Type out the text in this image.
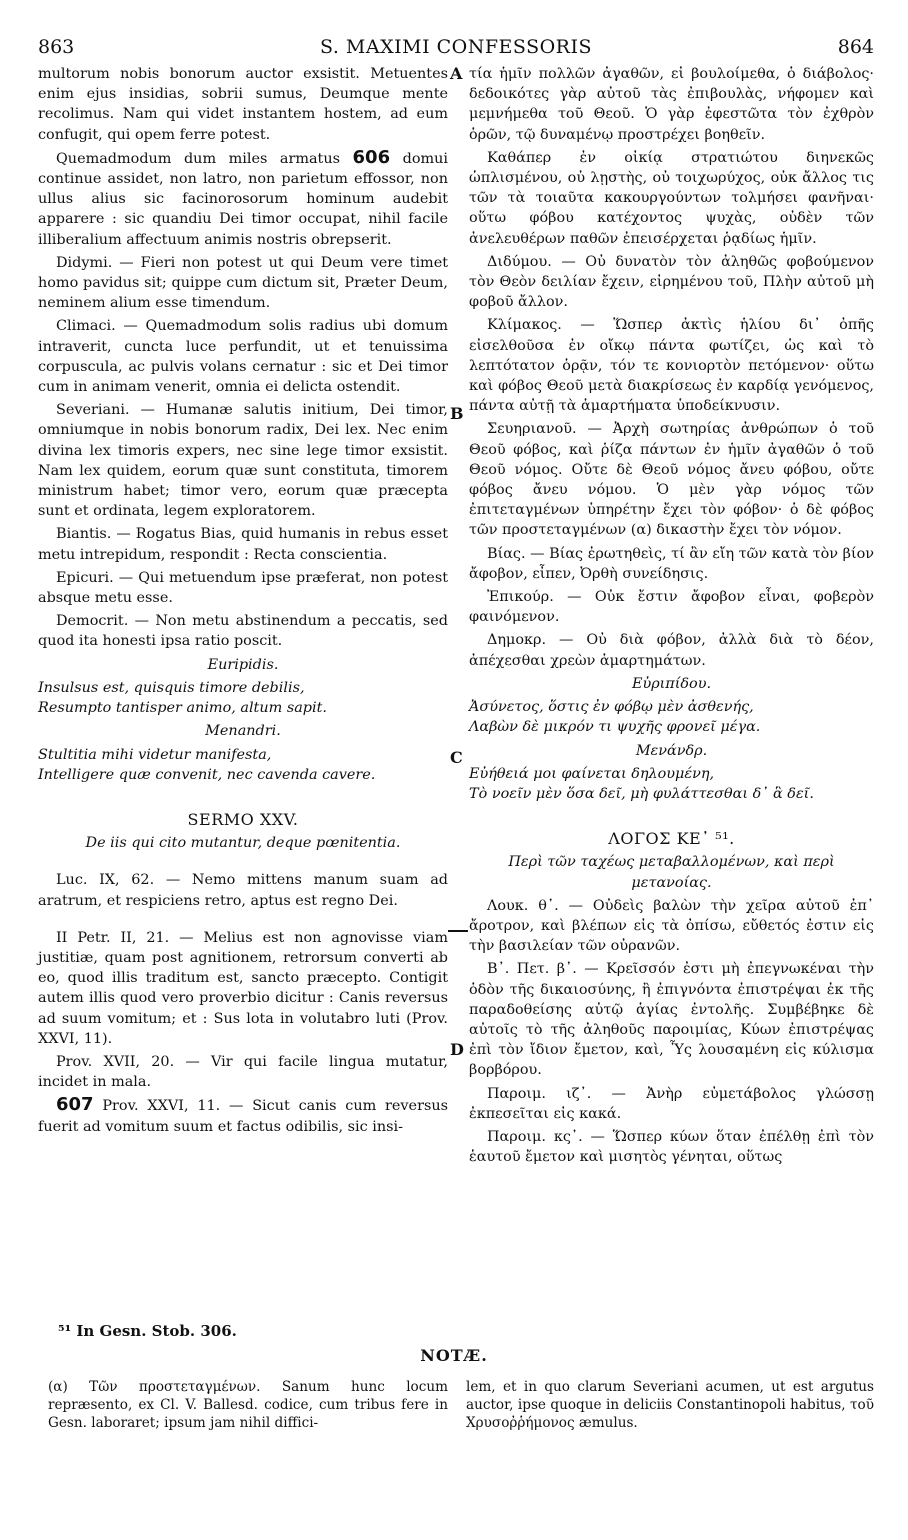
863	S. MAXIMI CONFESSORIS	864
A
B
C
D

multorum nobis bonorum auctor exsistit. Metuentes enim ejus insidias, sobrii sumus, Deumque mente recolimus. Nam qui videt instantem hostem, ad eum confugit, qui opem ferre potest.

Quemadmodum dum miles armatus 606 domui continue assidet, non latro, non parietum effossor, non ullus alius sic facinorosorum hominum audebit apparere : sic quandiu Dei timor occupat, nihil facile illiberalium affectuum animis nostris obrepserit.

Didymi. — Fieri non potest ut qui Deum vere timet homo pavidus sit; quippe cum dictum sit, Præter Deum, neminem alium esse timendum.

Climaci. — Quemadmodum solis radius ubi domum intraverit, cuncta luce perfundit, ut et tenuissima corpuscula, ac pulvis volans cernatur : sic et Dei timor cum in animam venerit, omnia ei delicta ostendit.

Severiani. — Humanæ salutis initium, Dei timor, omniumque in nobis bonorum radix, Dei lex. Nec enim divina lex timoris expers, nec sine lege timor exsistit. Nam lex quidem, eorum quæ sunt constituta, timorem ministrum habet; timor vero, eorum quæ præcepta sunt et ordinata, legem exploratorem.

Biantis. — Rogatus Bias, quid humanis in rebus esset metu intrepidum, respondit : Recta conscientia.

Epicuri. — Qui metuendum ipse præferat, non potest absque metu esse.

Democrit. — Non metu abstinendum a peccatis, sed quod ita honesti ipsa ratio poscit.

Euripidis.

Insulsus est, quisquis timore debilis,

Resumpto tantisper animo, altum sapit.

Menandri.

Stultitia mihi videtur manifesta,

Intelligere quæ convenit, nec cavenda cavere.

SERMO XXV.

De iis qui cito mutantur, deque pœnitentia.

Luc. IX, 62. — Nemo mittens manum suam ad aratrum, et respiciens retro, aptus est regno Dei.

II Petr. II, 21. — Melius est non agnovisse viam justitiæ, quam post agnitionem, retrorsum converti ab eo, quod illis traditum est, sancto præcepto. Contigit autem illis quod vero proverbio dicitur : Canis reversus ad suum vomitum; et : Sus lota in volutabro luti (Prov. XXVI, 11).

Prov. XVII, 20. — Vir qui facile lingua mutatur, incidet in mala.

607 Prov. XXVI, 11. — Sicut canis cum reversus fuerit ad vomitum suum et factus odibilis, sic insi-

τία ἡμῖν πολλῶν ἀγαθῶν, εἰ βουλοίμεθα, ὁ διάβολος· δεδοικότες γὰρ αὐτοῦ τὰς ἐπιβουλὰς, νήφομεν καὶ μεμνήμεθα τοῦ Θεοῦ. Ὁ γὰρ ἐφεστῶτα τὸν ἐχθρὸν ὁρῶν, τῷ δυναμένῳ προστρέχει βοηθεῖν.

Καθάπερ ἐν οἰκίᾳ στρατιώτου διηνεκῶς ὡπλισμένου, οὐ λῃστὴς, οὐ τοιχωρύχος, οὐκ ἄλλος τις τῶν τὰ τοιαῦτα κακουργούντων τολμήσει φανῆναι· οὕτω φόβου κατέχοντος ψυχὰς, οὐδὲν τῶν ἀνελευθέρων παθῶν ἐπεισέρχεται ῥᾳδίως ἡμῖν.

Διδύμου. — Οὐ δυνατὸν τὸν ἀληθῶς φοβούμενον τὸν Θεὸν δειλίαν ἔχειν, εἰρημένου τοῦ, Πλὴν αὐτοῦ μὴ φοβοῦ ἄλλον.

Κλίμακος. — Ὥσπερ ἀκτὶς ἡλίου δι᾽ ὀπῆς εἰσελθοῦσα ἐν οἴκῳ πάντα φωτίζει, ὡς καὶ τὸ λεπτότατον ὁρᾷν, τόν τε κονιορτὸν πετόμενον· οὕτω καὶ φόβος Θεοῦ μετὰ διακρίσεως ἐν καρδίᾳ γενόμενος, πάντα αὐτῇ τὰ ἁμαρτήματα ὑποδείκνυσιν.

Σευηριανοῦ. — Ἀρχὴ σωτηρίας ἀνθρώπων ὁ τοῦ Θεοῦ φόβος, καὶ ῥίζα πάντων ἐν ἡμῖν ἀγαθῶν ὁ τοῦ Θεοῦ νόμος. Οὔτε δὲ Θεοῦ νόμος ἄνευ φόβου, οὔτε φόβος ἄνευ νόμου. Ὁ μὲν γὰρ νόμος τῶν ἐπιτεταγμένων ὑπηρέτην ἔχει τὸν φόβον· ὁ δὲ φόβος τῶν προστεταγμένων (α) δικαστὴν ἔχει τὸν νόμον.

Βίας. — Βίας ἐρωτηθεὶς, τί ἂν εἴη τῶν κατὰ τὸν βίον ἄφοβον, εἶπεν, Ὀρθὴ συνείδησις.

Ἐπικούρ. — Οὐκ ἔστιν ἄφοβον εἶναι, φοβερὸν φαινόμενον.

Δημοκρ. — Οὐ διὰ φόβον, ἀλλὰ διὰ τὸ δέον, ἀπέχεσθαι χρεὼν ἁμαρτημάτων.

Εὐριπίδου.

Ἀσύνετος, ὅστις ἐν φόβῳ μὲν ἀσθενής,

Λαβὼν δὲ μικρόν τι ψυχῆς φρονεῖ μέγα.

Μενάνδρ.

Εὐήθειά μοι φαίνεται δηλουμένη,

Τὸ νοεῖν μὲν ὅσα δεῖ, μὴ φυλάττεσθαι δ᾽ ἃ δεῖ.

ΛΟΓΟΣ ΚΕ᾽ ⁵¹.

Περὶ τῶν ταχέως μεταβαλλομένων, καὶ περὶ μετανοίας.

Λουκ. θ᾽. — Οὐδεὶς βαλὼν τὴν χεῖρα αὐτοῦ ἐπ᾽ ἄροτρον, καὶ βλέπων εἰς τὰ ὀπίσω, εὔθετός ἐστιν εἰς τὴν βασιλείαν τῶν οὐρανῶν.

Β᾽. Πετ. β᾽. — Κρεῖσσόν ἐστι μὴ ἐπεγνωκέναι τὴν ὁδὸν τῆς δικαιοσύνης, ἢ ἐπιγνόντα ἐπιστρέψαι ἐκ τῆς παραδοθείσης αὐτῷ ἁγίας ἐντολῆς. Συμβέβηκε δὲ αὐτοῖς τὸ τῆς ἀληθοῦς παροιμίας, Κύων ἐπιστρέψας ἐπὶ τὸν ἴδιον ἔμετον, καὶ, Ὗς λουσαμένη εἰς κύλισμα βορβόρου.

Παροιμ. ιζ᾽. — Ἀνὴρ εὐμετάβολος γλώσσῃ ἐκπεσεῖται εἰς κακά.

Παροιμ. κς᾽. — Ὥσπερ κύων ὅταν ἐπέλθῃ ἐπὶ τὸν ἑαυτοῦ ἔμετον καὶ μισητὸς γένηται, οὕτως

⁵¹ In Gesn. Stob. 306.
NOTÆ.
(α) Τῶν προστεταγμένων. Sanum hunc locum repræsento, ex Cl. V. Ballesd. codice, cum tribus fere in Gesn. laboraret; ipsum jam nihil diffici-
lem, et in quo clarum Severiani acumen, ut est argutus auctor, ipse quoque in deliciis Constantinopoli habitus, τοῦ Χρυσοῤῥήμονος æmulus.
